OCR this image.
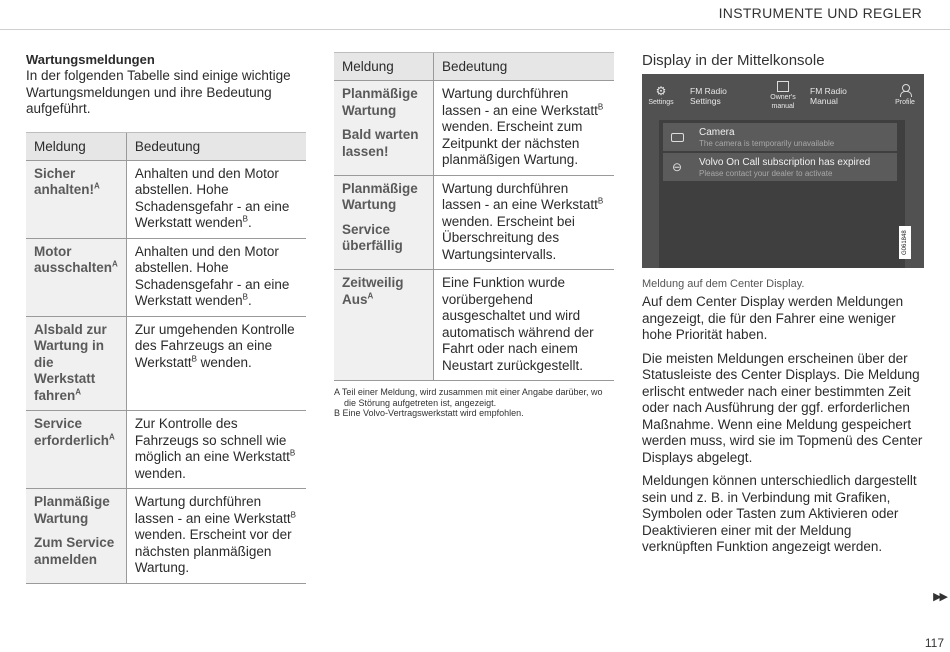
INSTRUMENTE UND REGLER

Wartungsmeldungen

In der folgenden Tabelle sind einige wichtige Wartungsmeldungen und ihre Bedeutung aufgeführt.

Meldung	Bedeutung
Sicher anhalten!$^A$	Anhalten und den Motor abstellen. Hohe Schadensgefahr - an eine Werkstatt wenden$^B$.
Motor ausschalten$^A$	Anhalten und den Motor abstellen. Hohe Schadensgefahr - an eine Werkstatt wenden$^B$.
Alsbald zur Wartung in die Werkstatt fahren$^A$	Zur umgehenden Kontrolle des Fahrzeugs an eine Werkstatt$^B$ wenden.
Service erforderlich$^A$	Zur Kontrolle des Fahrzeugs so schnell wie möglich an eine Werkstatt$^B$ wenden.
Planmäßige Wartung
Zum Service anmelden	Wartung durchführen lassen - an eine Werkstatt$^B$ wenden. Erscheint vor der nächsten planmäßigen Wartung.
Meldung	Bedeutung
Planmäßige Wartung
Bald warten lassen!	Wartung durchführen lassen - an eine Werkstatt$^B$ wenden. Erscheint zum Zeitpunkt der nächsten planmäßigen Wartung.
Planmäßige Wartung
Service überfällig	Wartung durchführen lassen - an eine Werkstatt$^B$ wenden. Erscheint bei Überschreitung des Wartungsintervalls.
Zeitweilig Aus$^A$	Eine Funktion wurde vorübergehend ausgeschaltet und wird automatisch während der Fahrt oder nach einem Neustart zurückgestellt.
A Teil einer Meldung, wird zusammen mit einer Angabe darüber, wo die Störung aufgetreten ist, angezeigt.
B Eine Volvo-Vertragswerkstatt wird empfohlen.

Display in der Mittelkonsole

⚙
Settings
FM Radio
Settings	Owner's
manual
FM Radio
Manual	Profile
Camera
The camera is temporarily unavailable
⊖ Volvo On Call subscription has expired
Please contact your dealer to activate
G061848

Meldung auf dem Center Display.

Auf dem Center Display werden Meldungen angezeigt, die für den Fahrer eine weniger hohe Priorität haben.

Die meisten Meldungen erscheinen über der Statusleiste des Center Displays. Die Meldung erlischt entweder nach einer bestimmten Zeit oder nach Ausführung der ggf. erforderlichen Maßnahme. Wenn eine Meldung gespeichert werden muss, wird sie im Topmenü des Center Displays abgelegt.

Meldungen können unterschiedlich dargestellt sein und z. B. in Verbindung mit Grafiken, Symbolen oder Tasten zum Aktivieren oder Deaktivieren einer mit der Meldung verknüpften Funktion angezeigt werden.

▶▶
117
